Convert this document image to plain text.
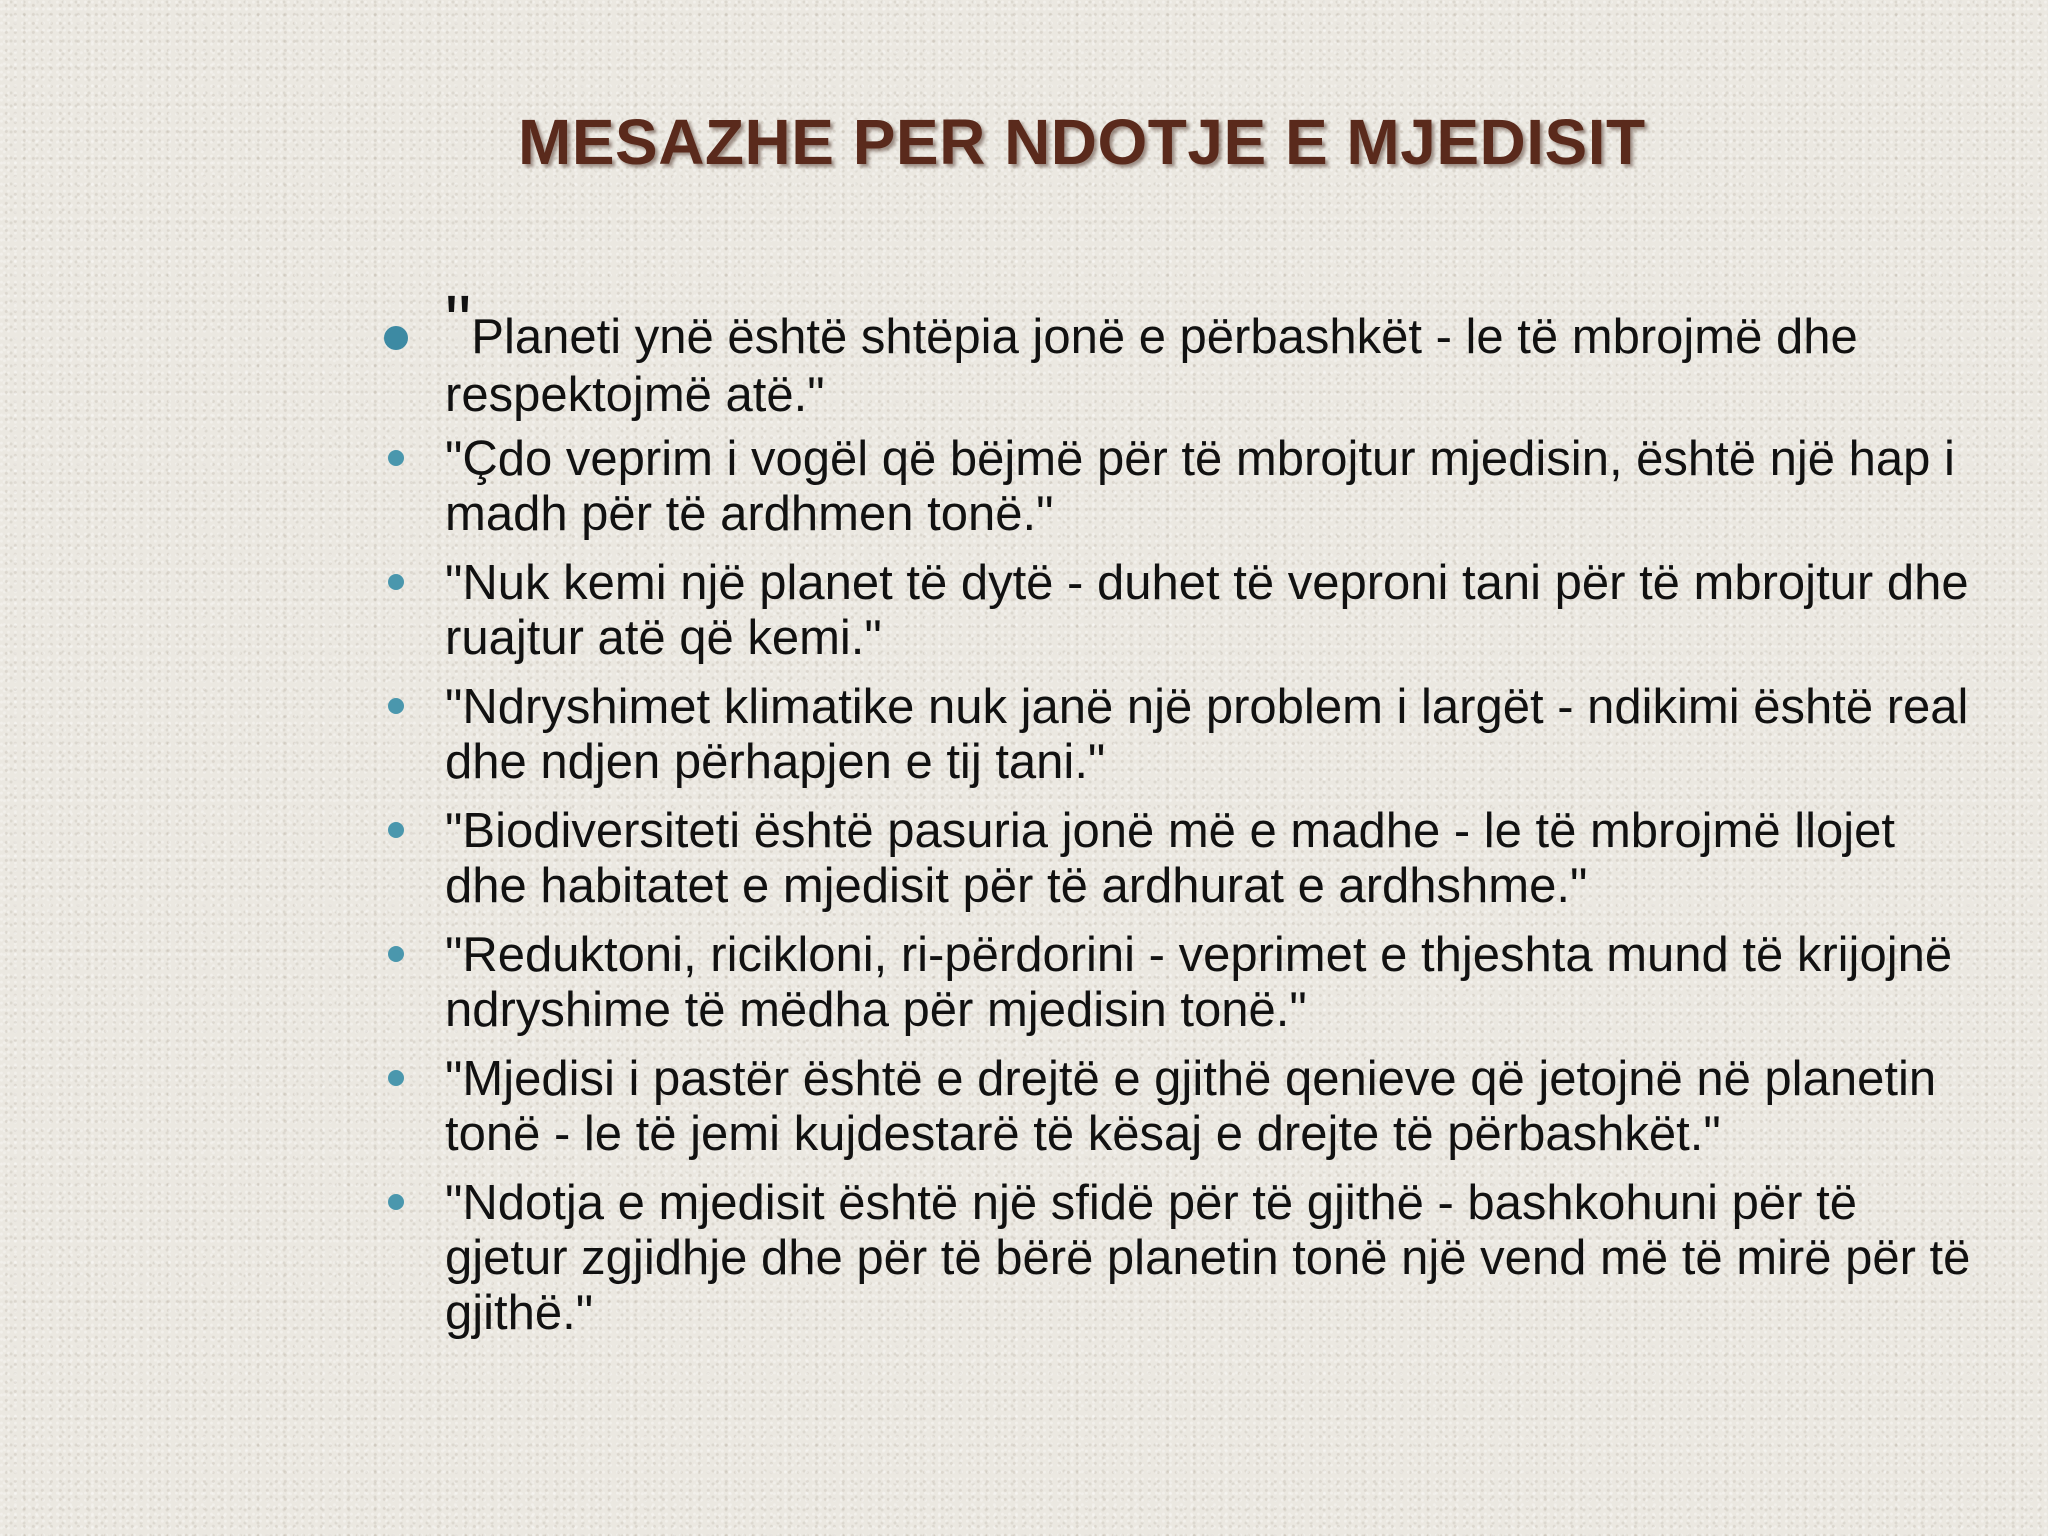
MESAZHE PER NDOTJE E MJEDISIT
"Planeti ynë është shtëpia jonë e përbashkët - le të mbrojmë dhe respektojmë atë."
"Çdo veprim i vogël që bëjmë për të mbrojtur mjedisin, është një hap i madh për të ardhmen tonë."
"Nuk kemi një planet të dytë - duhet të veproni tani për të mbrojtur dhe ruajtur atë që kemi."
"Ndryshimet klimatike nuk janë një problem i largët - ndikimi është real dhe ndjen përhapjen e tij tani."
"Biodiversiteti është pasuria jonë më e madhe - le të mbrojmë llojet dhe habitatet e mjedisit për të ardhurat e ardhshme."
"Reduktoni, ricikloni, ri-përdorini - veprimet e thjeshta mund të krijojnë ndryshime të mëdha për mjedisin tonë."
"Mjedisi i pastër është e drejtë e gjithë qenieve që jetojnë në planetin tonë - le të jemi kujdestarë të kësaj e drejte të përbashkët."
"Ndotja e mjedisit është një sfidë për të gjithë - bashkohuni për të gjetur zgjidhje dhe për të bërë planetin tonë një vend më të mirë për të gjithë."
